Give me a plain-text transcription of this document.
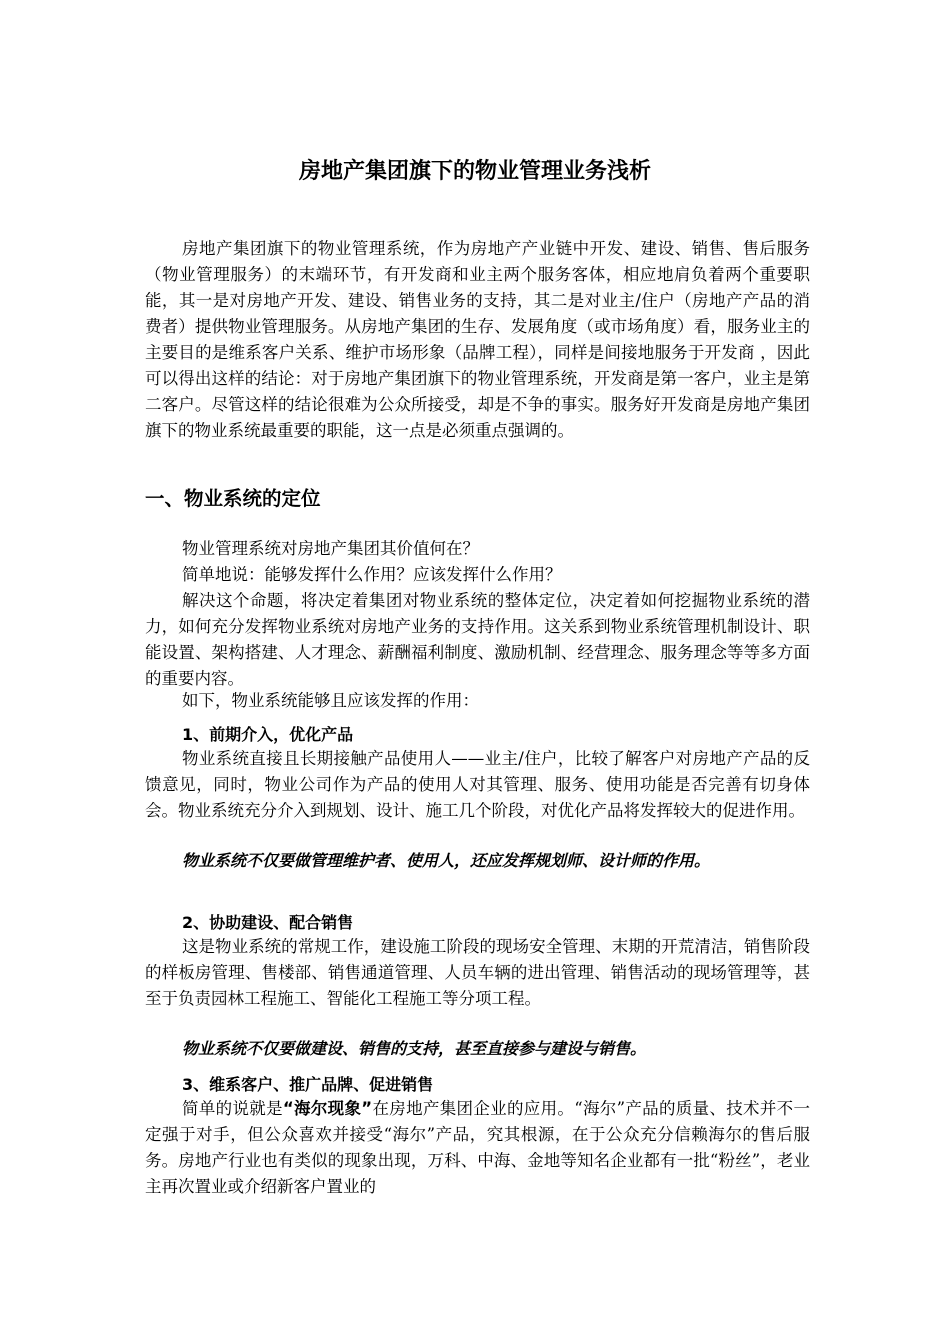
房地产集团旗下的物业管理业务浅析

房地产集团旗下的物业管理系统，作为房地产产业链中开发、建设、销售、售后服务（物业管理服务）的末端环节，有开发商和业主两个服务客体，相应地肩负着两个重要职能，其一是对房地产开发、建设、销售业务的支持，其二是对业主/住户（房地产产品的消费者）提供物业管理服务。从房地产集团的生存、发展角度（或市场角度）看，服务业主的主要目的是维系客户关系、维护市场形象（品牌工程），同样是间接地服务于开发商 ，因此可以得出这样的结论：对于房地产集团旗下的物业管理系统，开发商是第一客户，业主是第二客户。尽管这样的结论很难为公众所接受，却是不争的事实。服务好开发商是房地产集团旗下的物业系统最重要的职能，这一点是必须重点强调的。

一、物业系统的定位

物业管理系统对房地产集团其价值何在？

简单地说：能够发挥什么作用？应该发挥什么作用？

解决这个命题，将决定着集团对物业系统的整体定位，决定着如何挖掘物业系统的潜力，如何充分发挥物业系统对房地产业务的支持作用。这关系到物业系统管理机制设计、职能设置、架构搭建、人才理念、薪酬福利制度、激励机制、经营理念、服务理念等等多方面的重要内容。

如下，物业系统能够且应该发挥的作用：

1、前期介入，优化产品

物业系统直接且长期接触产品使用人——业主/住户，比较了解客户对房地产产品的反馈意见，同时，物业公司作为产品的使用人对其管理、服务、使用功能是否完善有切身体会。物业系统充分介入到规划、设计、施工几个阶段，对优化产品将发挥较大的促进作用。

物业系统不仅要做管理维护者、使用人，还应发挥规划师、设计师的作用。

2、协助建设、配合销售

这是物业系统的常规工作，建设施工阶段的现场安全管理、末期的开荒清洁，销售阶段的样板房管理、售楼部、销售通道管理、人员车辆的进出管理、销售活动的现场管理等，甚至于负责园林工程施工、智能化工程施工等分项工程。

物业系统不仅要做建设、销售的支持，甚至直接参与建设与销售。

3、维系客户、推广品牌、促进销售

简单的说就是“海尔现象”在房地产集团企业的应用。“海尔”产品的质量、技术并不一定强于对手，但公众喜欢并接受“海尔”产品，究其根源，在于公众充分信赖海尔的售后服务。房地产行业也有类似的现象出现，万科、中海、金地等知名企业都有一批“粉丝”，老业主再次置业或介绍新客户置业的
